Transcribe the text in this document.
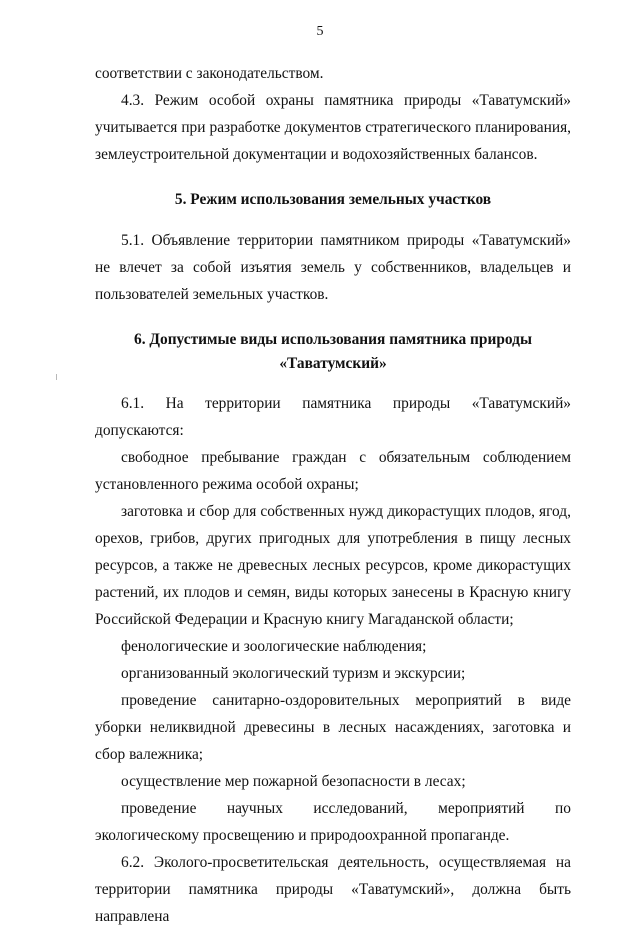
5

соответствии с законодательством.

4.3. Режим особой охраны памятника природы «Таватумский» учитывается при разработке документов стратегического планирования, землеустроительной документации и водохозяйственных балансов.

5. Режим использования земельных участков

5.1. Объявление территории памятником природы «Таватумский» не влечет за собой изъятия земель у собственников, владельцев и пользователей земельных участков.

6. Допустимые виды использования памятника природы
«Таватумский»

6.1. На территории памятника природы «Таватумский» допускаются:

свободное пребывание граждан с обязательным соблюдением установленного режима особой охраны;

заготовка и сбор для собственных нужд дикорастущих плодов, ягод, орехов, грибов, других пригодных для употребления в пищу лесных ресурсов, а также не древесных лесных ресурсов, кроме дикорастущих растений, их плодов и семян, виды которых занесены в Красную книгу Российской Федерации и Красную книгу Магаданской области;

фенологические и зоологические наблюдения;

организованный экологический туризм и экскурсии;

проведение санитарно-оздоровительных мероприятий в виде уборки неликвидной древесины в лесных насаждениях, заготовка и сбор валежника;

осуществление мер пожарной безопасности в лесах;

проведение научных исследований, мероприятий по экологическому просвещению и природоохранной пропаганде.

6.2. Эколого-просветительская деятельность, осуществляемая на территории памятника природы «Таватумский», должна быть направлена
